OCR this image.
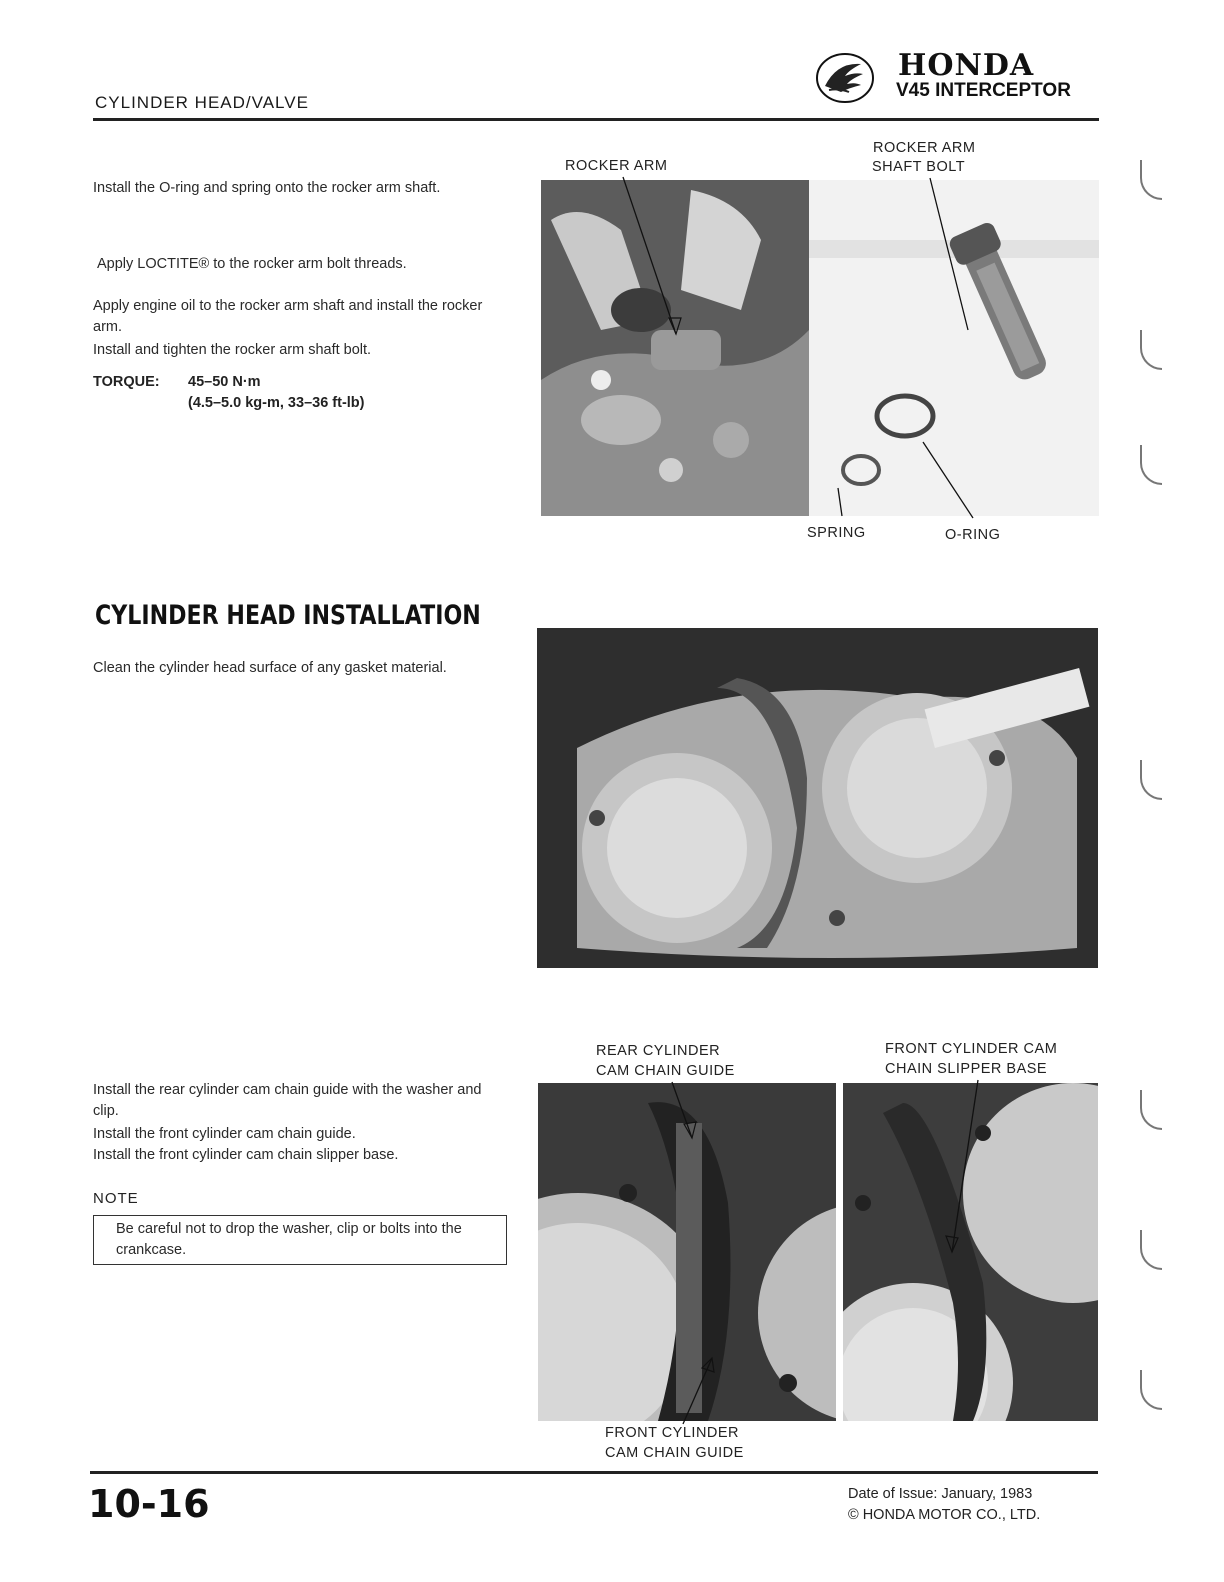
CYLINDER HEAD/VALVE
HONDA
V45 INTERCEPTOR
Install the O-ring and spring onto the rocker arm shaft.
Apply LOCTITE® to the rocker arm bolt threads.
Apply engine oil to the rocker arm shaft and install the rocker arm.
Install and tighten the rocker arm shaft bolt.
TORQUE: 45–50 N·m
(4.5–5.0 kg-m, 33–36 ft-lb)
ROCKER ARM
ROCKER ARM
SHAFT BOLT
SPRING	O-RING
CYLINDER HEAD INSTALLATION
Clean the cylinder head surface of any gasket material.
Install the rear cylinder cam chain guide with the washer and clip.
Install the front cylinder cam chain guide.
Install the front cylinder cam chain slipper base.
NOTE
Be careful not to drop the washer, clip or bolts into the crankcase.
REAR CYLINDER
CAM CHAIN GUIDE
FRONT CYLINDER CAM
CHAIN SLIPPER BASE
FRONT CYLINDER
CAM CHAIN GUIDE
10-16	Date of Issue: January, 1983
© HONDA MOTOR CO., LTD.
